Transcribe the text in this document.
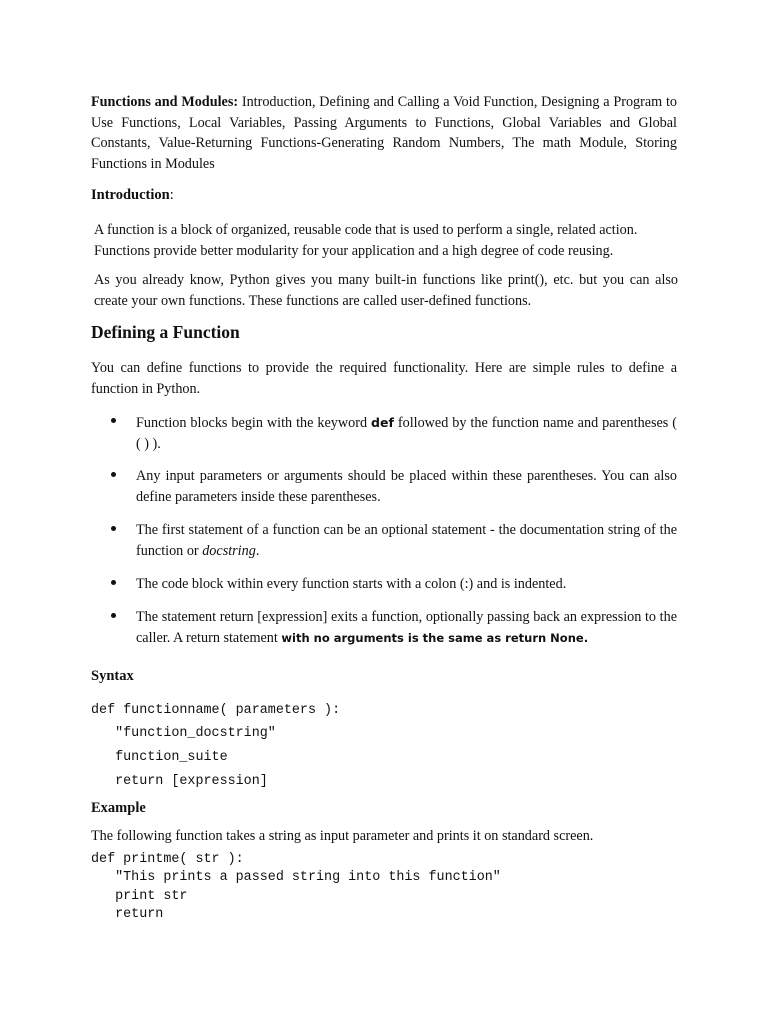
Functions and Modules: Introduction, Defining and Calling a Void Function, Designing a Program to Use Functions, Local Variables, Passing Arguments to Functions, Global Variables and Global Constants, Value-Returning Functions-Generating Random Numbers, The math Module, Storing Functions in Modules

Introduction:

A function is a block of organized, reusable code that is used to perform a single, related action. Functions provide better modularity for your application and a high degree of code reusing.

As you already know, Python gives you many built-in functions like print(), etc. but you can also create your own functions. These functions are called user-defined functions.

Defining a Function

You can define functions to provide the required functionality. Here are simple rules to define a function in Python.

Function blocks begin with the keyword def followed by the function name and parentheses ( ( ) ).
Any input parameters or arguments should be placed within these parentheses. You can also define parameters inside these parentheses.
The first statement of a function can be an optional statement - the documentation string of the function or docstring.
The code block within every function starts with a colon (:) and is indented.
The statement return [expression] exits a function, optionally passing back an expression to the caller. A return statement with no arguments is the same as return None.
Syntax
def functionname( parameters ):
"function_docstring"
function_suite
return [expression]
Example

The following function takes a string as input parameter and prints it on standard screen.

def printme( str ):
"This prints a passed string into this function"
print str
return
